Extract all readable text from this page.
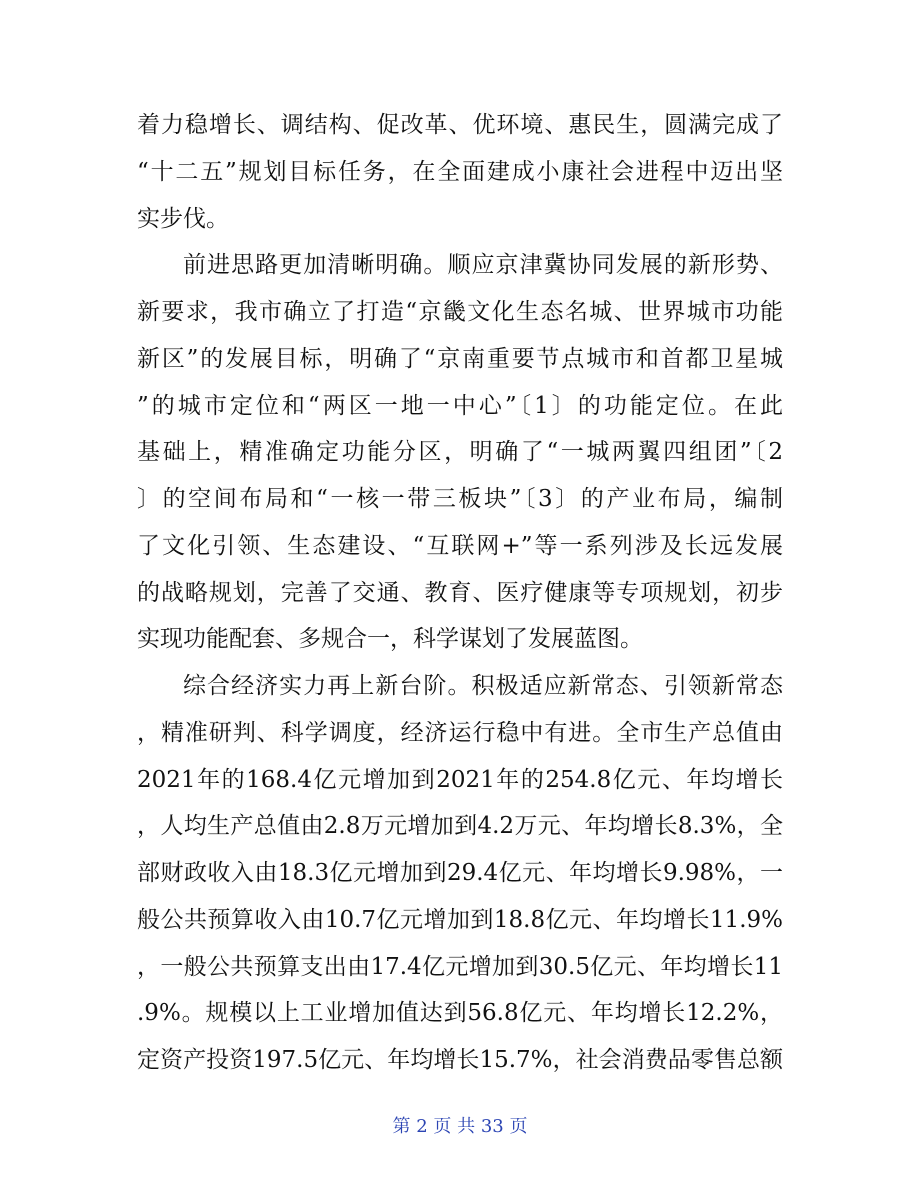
着力稳增长、调结构、促改革、优环境、惠民生，圆满完成了
“十二五”规划目标任务，在全面建成小康社会进程中迈出坚
实步伐。
前进思路更加清晰明确。顺应京津冀协同发展的新形势、
新要求，我市确立了打造“京畿文化生态名城、世界城市功能
新区”的发展目标，明确了“京南重要节点城市和首都卫星城
”的城市定位和“两区一地一中心”〔1〕的功能定位。在此
基础上，精准确定功能分区，明确了“一城两翼四组团”〔2
〕的空间布局和“一核一带三板块”〔3〕的产业布局，编制
了文化引领、生态建设、“互联网+”等一系列涉及长远发展
的战略规划，完善了交通、教育、医疗健康等专项规划，初步
实现功能配套、多规合一，科学谋划了发展蓝图。
综合经济实力再上新台阶。积极适应新常态、引领新常态
，精准研判、科学调度，经济运行稳中有进。全市生产总值由
2021年的168.4亿元增加到2021年的254.8亿元、年均增长
，人均生产总值由2.8万元增加到4.2万元、年均增长8.3%，全
部财政收入由18.3亿元增加到29.4亿元、年均增长9.98%，一
般公共预算收入由10.7亿元增加到18.8亿元、年均增长11.9%
，一般公共预算支出由17.4亿元增加到30.5亿元、年均增长11
.9%。规模以上工业增加值达到56.8亿元、年均增长12.2%，
定资产投资197.5亿元、年均增长15.7%，社会消费品零售总额
第 2 页 共 33 页
